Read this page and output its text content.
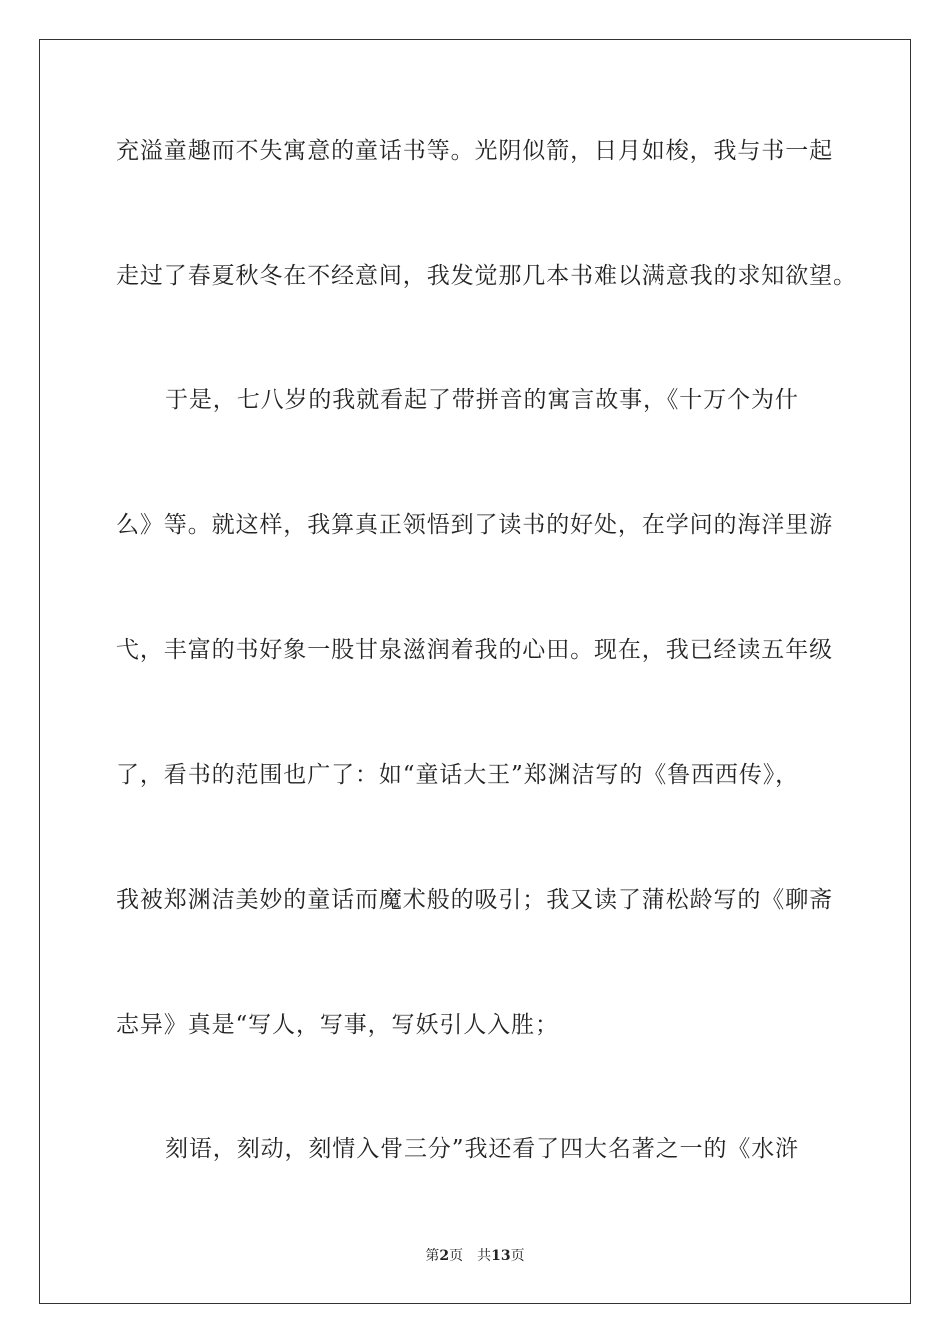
充溢童趣而不失寓意的童话书等。光阴似箭，日月如梭，我与书一起
走过了春夏秋冬在不经意间，我发觉那几本书难以满意我的求知欲望。
于是，七八岁的我就看起了带拼音的寓言故事，《十万个为什
么》等。就这样，我算真正领悟到了读书的好处，在学问的海洋里游
弋，丰富的书好象一股甘泉滋润着我的心田。现在，我已经读五年级
了，看书的范围也广了：如“童话大王”郑渊洁写的《鲁西西传》，
我被郑渊洁美妙的童话而魔术般的吸引；我又读了蒲松龄写的《聊斋
志异》真是“写人，写事，写妖引人入胜；
刻语，刻动，刻情入骨三分”我还看了四大名著之一的《水浒
第2页 共13页
